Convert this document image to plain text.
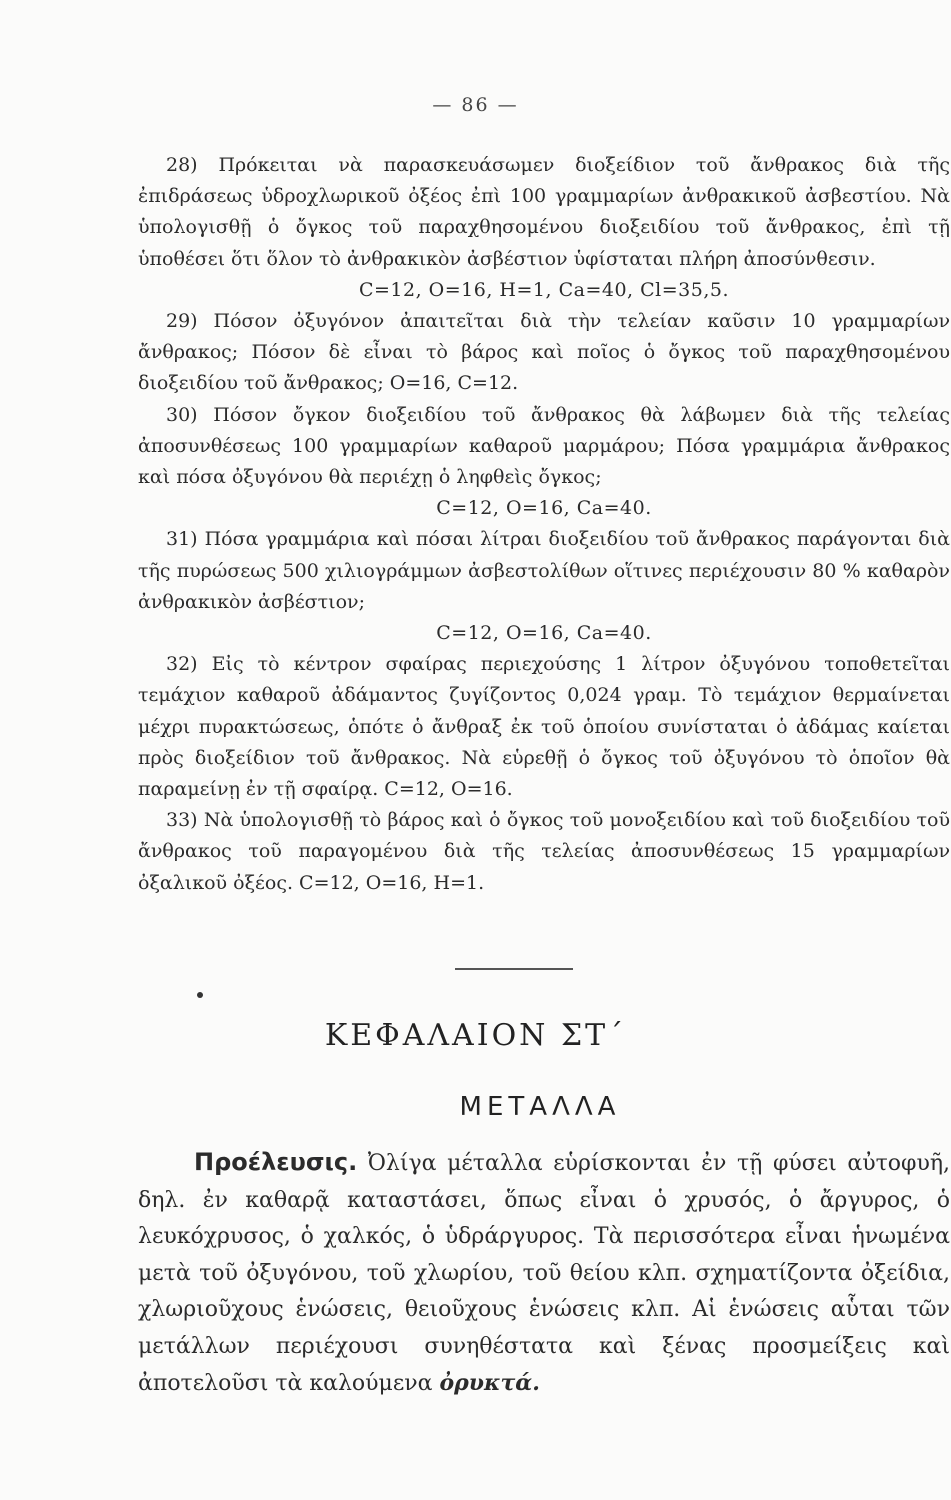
— 86 —

28) Πρόκειται νὰ παρασκευάσωμεν διοξείδιον τοῦ ἄνθρακος διὰ τῆς ἐπιδράσεως ὑδροχλωρικοῦ ὀξέος ἐπὶ 100 γραμμαρίων ἀνθρακικοῦ ἀσβεστίου. Νὰ ὑπολογισθῇ ὁ ὄγκος τοῦ παραχθησομένου διοξειδίου τοῦ ἄνθρακος, ἐπὶ τῇ ὑποθέσει ὅτι ὅλον τὸ ἀνθρακικὸν ἀσβέστιον ὑφίσταται πλήρη ἀποσύνθεσιν.

C=12, O=16, H=1, Ca=40, Cl=35,5.

29) Πόσον ὀξυγόνον ἀπαιτεῖται διὰ τὴν τελείαν καῦσιν 10 γραμμαρίων ἄνθρακος; Πόσον δὲ εἶναι τὸ βάρος καὶ ποῖος ὁ ὄγκος τοῦ παραχθησομένου διοξειδίου τοῦ ἄνθρακος; O=16, C=12.

30) Πόσον ὄγκον διοξειδίου τοῦ ἄνθρακος θὰ λάβωμεν διὰ τῆς τελείας ἀποσυνθέσεως 100 γραμμαρίων καθαροῦ μαρμάρου; Πόσα γραμμάρια ἄνθρακος καὶ πόσα ὀξυγόνου θὰ περιέχῃ ὁ ληφθεὶς ὄγκος;

C=12, O=16, Ca=40.

31) Πόσα γραμμάρια καὶ πόσαι λίτραι διοξειδίου τοῦ ἄνθρακος παράγονται διὰ τῆς πυρώσεως 500 χιλιογράμμων ἀσβεστολίθων οἵτινες περιέχουσιν 80 % καθαρὸν ἀνθρακικὸν ἀσβέστιον;

C=12, O=16, Ca=40.

32) Εἰς τὸ κέντρον σφαίρας περιεχούσης 1 λίτρον ὀξυγόνου τοποθετεῖται τεμάχιον καθαροῦ ἀδάμαντος ζυγίζοντος 0,024 γραμ. Τὸ τεμάχιον θερμαίνεται μέχρι πυρακτώσεως, ὁπότε ὁ ἄνθραξ ἐκ τοῦ ὁποίου συνίσταται ὁ ἀδάμας καίεται πρὸς διοξείδιον τοῦ ἄνθρακος. Νὰ εὑρεθῇ ὁ ὄγκος τοῦ ὀξυγόνου τὸ ὁποῖον θὰ παραμείνῃ ἐν τῇ σφαίρᾳ. C=12, O=16.

33) Νὰ ὑπολογισθῇ τὸ βάρος καὶ ὁ ὄγκος τοῦ μονοξειδίου καὶ τοῦ διοξειδίου τοῦ ἄνθρακος τοῦ παραγομένου διὰ τῆς τελείας ἀποσυνθέσεως 15 γραμμαρίων ὀξαλικοῦ ὀξέος. C=12, O=16, H=1.

ΚΕΦΑΛΑΙΟΝ ΣΤ΄
ΜΕΤΑΛΛΑ

Προέλευσις. Ὀλίγα μέταλλα εὑρίσκονται ἐν τῇ φύσει αὐτοφυῆ, δηλ. ἐν καθαρᾷ καταστάσει, ὅπως εἶναι ὁ χρυσός, ὁ ἄργυρος, ὁ λευκόχρυσος, ὁ χαλκός, ὁ ὑδράργυρος. Τὰ περισσότερα εἶναι ἡνωμένα μετὰ τοῦ ὀξυγόνου, τοῦ χλωρίου, τοῦ θείου κλπ. σχηματίζοντα ὀξείδια, χλωριοῦχους ἑνώσεις, θειοῦχους ἑνώσεις κλπ. Αἱ ἑνώσεις αὗται τῶν μετάλλων περιέχουσι συνηθέστατα καὶ ξένας προσμείξεις καὶ ἀποτελοῦσι τὰ καλούμενα ὀρυκτά.
